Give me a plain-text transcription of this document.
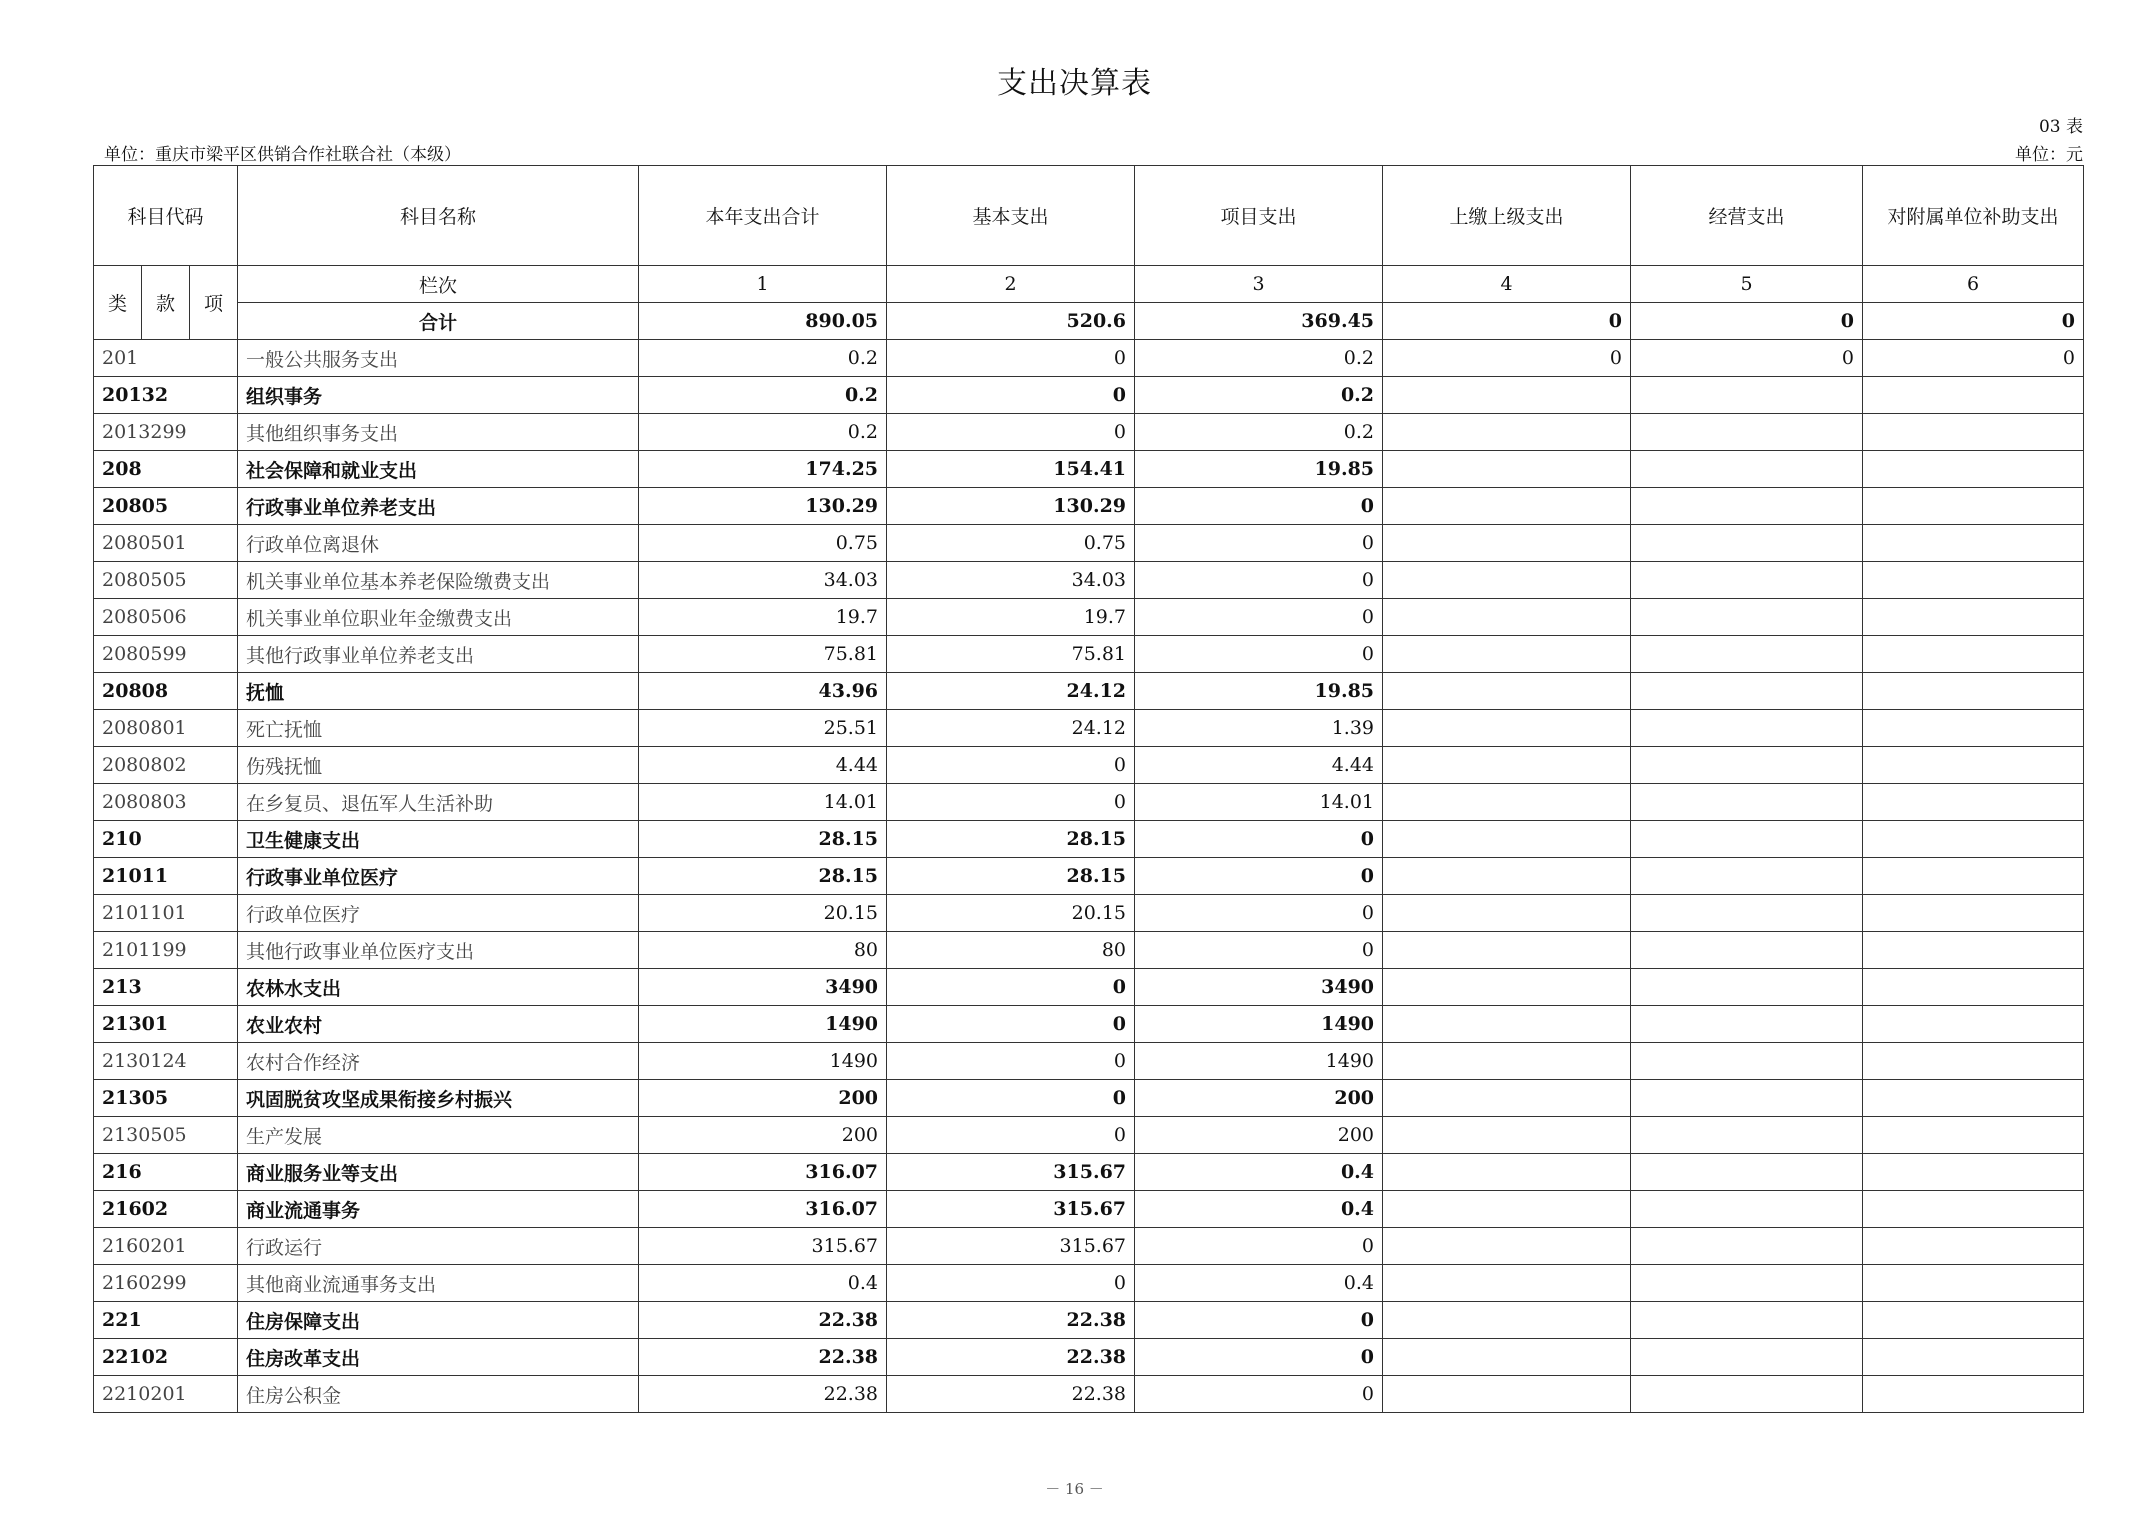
支出决算表
03 表
单位：重庆市梁平区供销合作社联合社（本级）	单位：元
科目代码			科目名称	本年支出合计	基本支出	项目支出	上缴上级支出	经营支出	对附属单位补助支出
类	款	项	栏次	1	2	3	4	5	6
			合计	890.05	520.6	369.45	0	0	0
201			一般公共服务支出	0.2	0	0.2	0	0	0
20132			组织事务	0.2	0	0.2			
2013299			其他组织事务支出	0.2	0	0.2			
208			社会保障和就业支出	174.25	154.41	19.85			
20805			行政事业单位养老支出	130.29	130.29	0			
2080501			行政单位离退休	0.75	0.75	0			
2080505			机关事业单位基本养老保险缴费支出	34.03	34.03	0			
2080506			机关事业单位职业年金缴费支出	19.7	19.7	0			
2080599			其他行政事业单位养老支出	75.81	75.81	0			
20808			抚恤	43.96	24.12	19.85			
2080801			死亡抚恤	25.51	24.12	1.39			
2080802			伤残抚恤	4.44	0	4.44			
2080803			在乡复员、退伍军人生活补助	14.01	0	14.01			
210			卫生健康支出	28.15	28.15	0			
21011			行政事业单位医疗	28.15	28.15	0			
2101101			行政单位医疗	20.15	20.15	0			
2101199			其他行政事业单位医疗支出	80	80	0			
213			农林水支出	3490	0	3490			
21301			农业农村	1490	0	1490			
2130124			农村合作经济	1490	0	1490			
21305			巩固脱贫攻坚成果衔接乡村振兴	200	0	200			
2130505			生产发展	200	0	200			
216			商业服务业等支出	316.07	315.67	0.4			
21602			商业流通事务	316.07	315.67	0.4			
2160201			行政运行	315.67	315.67	0			
2160299			其他商业流通事务支出	0.4	0	0.4			
221			住房保障支出	22.38	22.38	0			
22102			住房改革支出	22.38	22.38	0			
2210201			住房公积金	22.38	22.38	0			
－ 16 －
